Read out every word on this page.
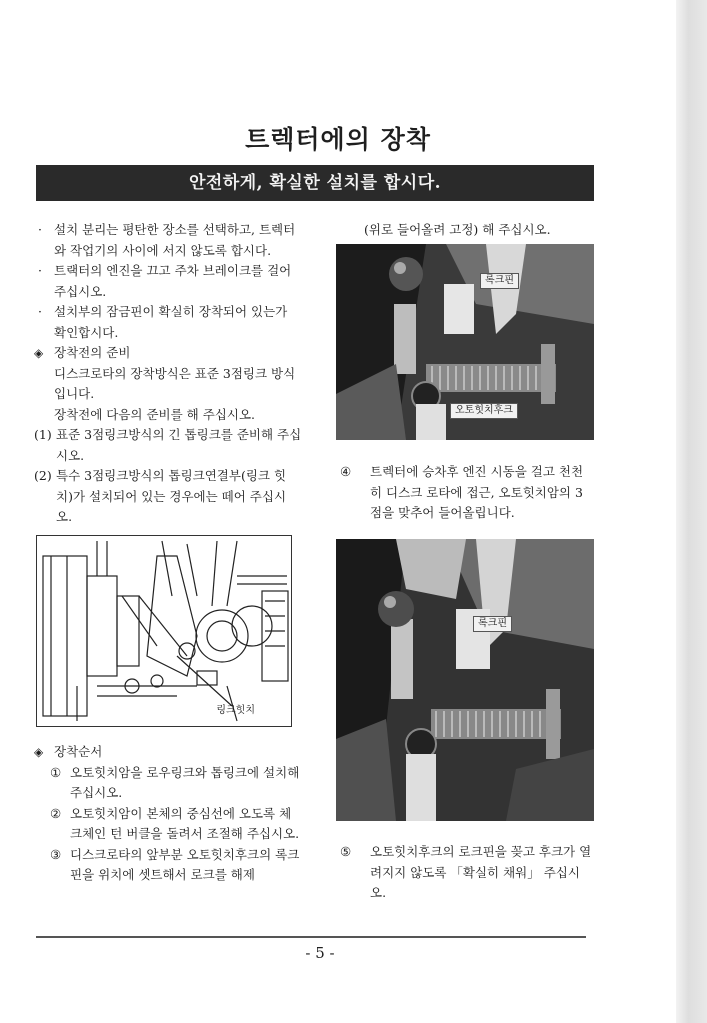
트렉터에의 장착
안전하게, 확실한 설치를 합시다.
· 설치 분리는 평탄한 장소를 선택하고, 트렉터와 작업기의 사이에 서지 않도록 합시다.
· 트랙터의 엔진을 끄고 주차 브레이크를 걸어 주십시오.
· 설치부의 잠금핀이 확실히 장착되어 있는가 확인합시다.
◈ 장착전의 준비
디스크로타의 장착방식은 표준 3점링크 방식 입니다.
장착전에 다음의 준비를 해 주십시오.
(1) 표준 3점링크방식의 긴 톱링크를 준비해 주십시오.
(2) 특수 3점링크방식의 톱링크연결부(링크 힛치)가 설치되어 있는 경우에는 떼어 주십시오.
링크힛치
◈ 장착순서
① 오토힛치암을 로우링크와 톱링크에 설치해 주십시오.
② 오토힛치암이 본체의 중심선에 오도록 체크체인 턴 버클을 돌려서 조절해 주십시오.
③ 디스크로타의 앞부분 오토힛치후크의 록크핀을 위치에 셋트해서 로크를 해제
(위로 들어올려 고정) 해 주십시오.
록크핀
오토힛치후크
④ 트렉터에 승차후 엔진 시동을 걸고 천천히 디스크 로타에 접근, 오토힛치암의 3점을 맞추어 들어올립니다.
록크핀
⑤ 오토힛치후크의 로크핀을 꽂고 후크가 열려지지 않도록 「확실히 채워」 주십시오.
- 5 -
